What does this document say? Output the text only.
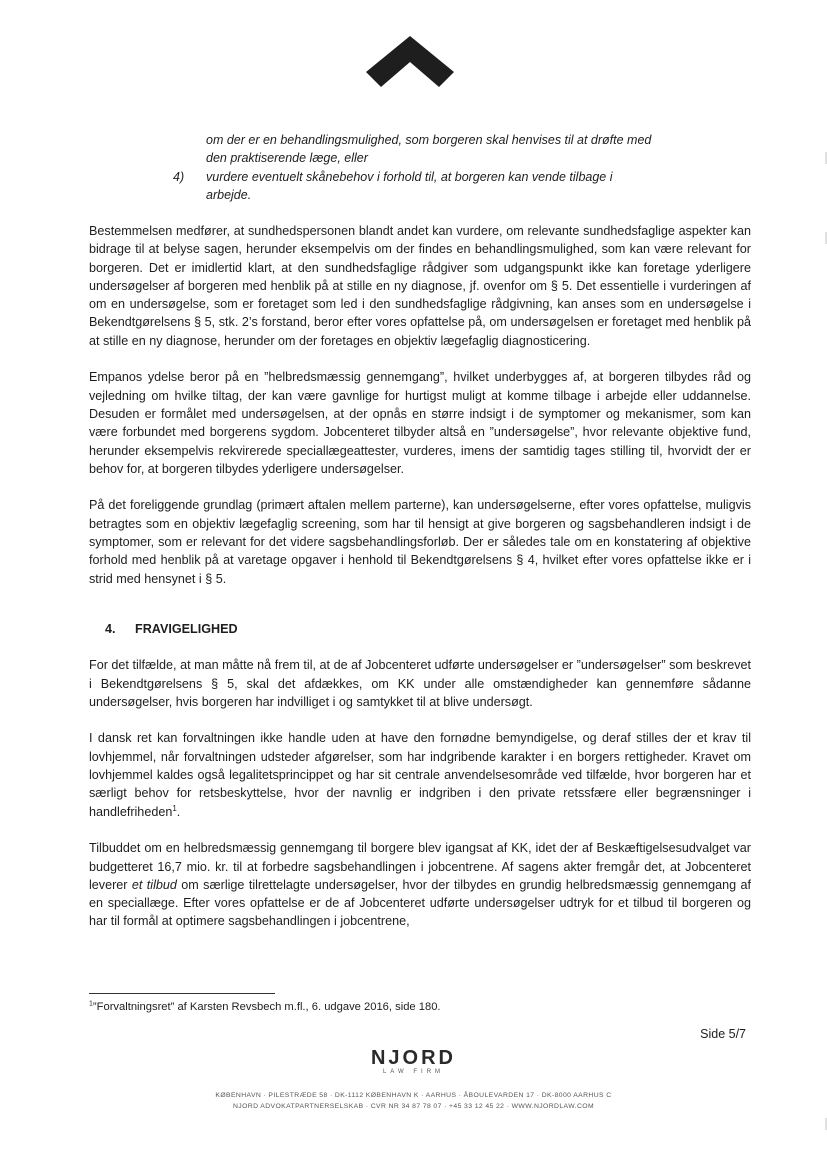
om der er en behandlingsmulighed, som borgeren skal henvises til at drøfte med den praktiserende læge, eller
4)	vurdere eventuelt skånebehov i forhold til, at borgeren kan vende tilbage i arbejde.

Bestemmelsen medfører, at sundhedspersonen blandt andet kan vurdere, om relevante sundhedsfaglige aspekter kan bidrage til at belyse sagen, herunder eksempelvis om der findes en behandlingsmulighed, som kan være relevant for borgeren. Det er imidlertid klart, at den sundhedsfaglige rådgiver som udgangspunkt ikke kan foretage yderligere undersøgelser af borgeren med henblik på at stille en ny diagnose, jf. ovenfor om § 5. Det essentielle i vurderingen af om en undersøgelse, som er foretaget som led i den sundhedsfaglige rådgivning, kan anses som en undersøgelse i Bekendtgørelsens § 5, stk. 2’s forstand, beror efter vores opfattelse på, om undersøgelsen er foretaget med henblik på at stille en ny diagnose, herunder om der foretages en objektiv lægefaglig diagnosticering.

Empanos ydelse beror på en ”helbredsmæssig gennemgang”, hvilket underbygges af, at borgeren tilbydes råd og vejledning om hvilke tiltag, der kan være gavnlige for hurtigst muligt at komme tilbage i arbejde eller uddannelse. Desuden er formålet med undersøgelsen, at der opnås en større indsigt i de symptomer og mekanismer, som kan være forbundet med borgerens sygdom. Jobcenteret tilbyder altså en ”undersøgelse”, hvor relevante objektive fund, herunder eksempelvis rekvirerede speciallægeattester, vurderes, imens der samtidig tages stilling til, hvorvidt der er behov for, at borgeren tilbydes yderligere undersøgelser.

På det foreliggende grundlag (primært aftalen mellem parterne), kan undersøgelserne, efter vores opfattelse, muligvis betragtes som en objektiv lægefaglig screening, som har til hensigt at give borgeren og sagsbehandleren indsigt i de symptomer, som er relevant for det videre sagsbehandlingsforløb. Der er således tale om en konstatering af objektive forhold med henblik på at varetage opgaver i henhold til Bekendtgørelsens § 4, hvilket efter vores opfattelse ikke er i strid med hensynet i § 5.

4.	FRAVIGELIGHED

For det tilfælde, at man måtte nå frem til, at de af Jobcenteret udførte undersøgelser er ”undersøgelser” som beskrevet i Bekendtgørelsens § 5, skal det afdækkes, om KK under alle omstændigheder kan gennemføre sådanne undersøgelser, hvis borgeren har indvilliget i og samtykket til at blive undersøgt.

I dansk ret kan forvaltningen ikke handle uden at have den fornødne bemyndigelse, og deraf stilles der et krav til lovhjemmel, når forvaltningen udsteder afgørelser, som har indgribende karakter i en borgers rettigheder. Kravet om lovhjemmel kaldes også legalitetsprincippet og har sit centrale anvendelsesområde ved tilfælde, hvor borgeren har et særligt behov for retsbeskyttelse, hvor der navnlig er indgriben i den private retssfære eller begrænsninger i handlefriheden$^1$.

Tilbuddet om en helbredsmæssig gennemgang til borgere blev igangsat af KK, idet der af Beskæftigelsesudvalget var budgetteret 16,7 mio. kr. til at forbedre sagsbehandlingen i jobcentrene. Af sagens akter fremgår det, at Jobcenteret leverer et tilbud om særlige tilrettelagte undersøgelser, hvor der tilbydes en grundig helbredsmæssig gennemgang af en speciallæge. Efter vores opfattelse er de af Jobcenteret udførte undersøgelser udtryk for et tilbud til borgeren og har til formål at optimere sagsbehandlingen i jobcentrene,

$^1$”Forvaltningsret” af Karsten Revsbech m.fl., 6. udgave 2016, side 180.
Side 5/7
NJORD
LAW FIRM
KØBENHAVN · PILESTRÆDE 58 · DK-1112 KØBENHAVN K · AARHUS · ÅBOULEVARDEN 17 · DK-8000 AARHUS C
NJORD ADVOKATPARTNERSELSKAB · CVR NR 34 87 78 07 · +45 33 12 45 22 · WWW.NJORDLAW.COM
